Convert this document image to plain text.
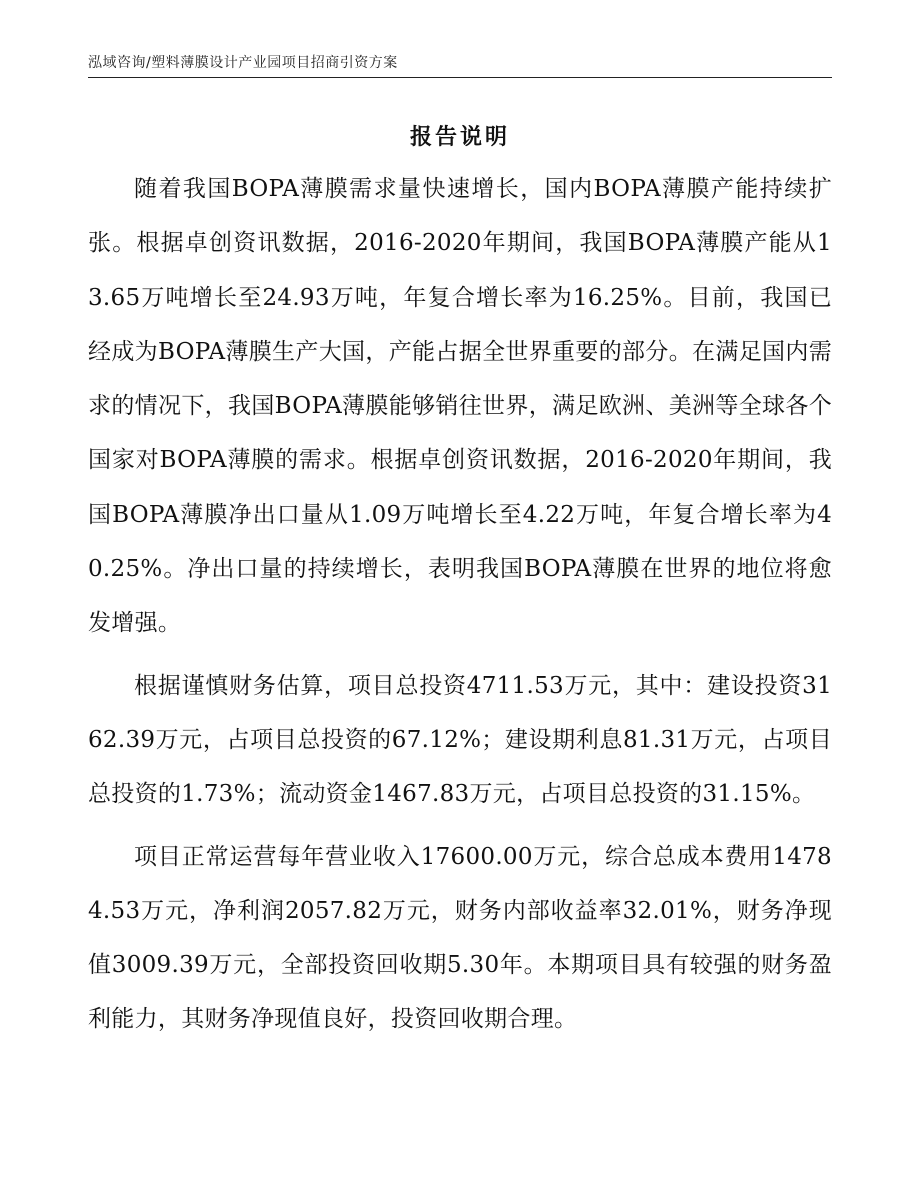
泓域咨询/塑料薄膜设计产业园项目招商引资方案
报告说明

随着我国BOPA薄膜需求量快速增长，国内BOPA薄膜产能持续扩张。根据卓创资讯数据，2016-2020年期间，我国BOPA薄膜产能从13.65万吨增长至24.93万吨，年复合增长率为16.25%。目前，我国已经成为BOPA薄膜生产大国，产能占据全世界重要的部分。在满足国内需求的情况下，我国BOPA薄膜能够销往世界，满足欧洲、美洲等全球各个国家对BOPA薄膜的需求。根据卓创资讯数据，2016-2020年期间，我国BOPA薄膜净出口量从1.09万吨增长至4.22万吨，年复合增长率为40.25%。净出口量的持续增长，表明我国BOPA薄膜在世界的地位将愈发增强。

根据谨慎财务估算，项目总投资4711.53万元，其中：建设投资3162.39万元，占项目总投资的67.12%；建设期利息81.31万元，占项目总投资的1.73%；流动资金1467.83万元，占项目总投资的31.15%。

项目正常运营每年营业收入17600.00万元，综合总成本费用14784.53万元，净利润2057.82万元，财务内部收益率32.01%，财务净现值3009.39万元，全部投资回收期5.30年。本期项目具有较强的财务盈利能力，其财务净现值良好，投资回收期合理。
